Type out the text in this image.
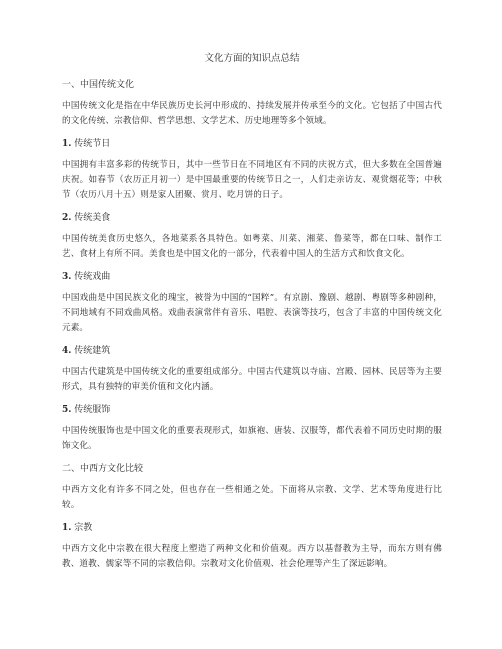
文化方面的知识点总结
一、中国传统文化
中国传统文化是指在中华民族历史长河中形成的、持续发展并传承至今的文化。它包括了中国古代的文化传统、宗教信仰、哲学思想、文学艺术、历史地理等多个领域。
1. 传统节日
中国拥有丰富多彩的传统节日，其中一些节日在不同地区有不同的庆祝方式，但大多数在全国普遍庆祝。如春节（农历正月初一）是中国最重要的传统节日之一，人们走亲访友、观赏烟花等；中秋节（农历八月十五）则是家人团聚、赏月、吃月饼的日子。
2. 传统美食
中国传统美食历史悠久，各地菜系各具特色。如粤菜、川菜、湘菜、鲁菜等，都在口味、制作工艺、食材上有所不同。美食也是中国文化的一部分，代表着中国人的生活方式和饮食文化。
3. 传统戏曲
中国戏曲是中国民族文化的瑰宝，被誉为中国的“国粹”。有京剧、豫剧、越剧、粤剧等多种剧种，不同地域有不同戏曲风格。戏曲表演常伴有音乐、唱腔、表演等技巧，包含了丰富的中国传统文化元素。
4. 传统建筑
中国古代建筑是中国传统文化的重要组成部分。中国古代建筑以寺庙、宫殿、园林、民居等为主要形式，具有独特的审美价值和文化内涵。
5. 传统服饰
中国传统服饰也是中国文化的重要表现形式，如旗袍、唐装、汉服等，都代表着不同历史时期的服饰文化。
二、中西方文化比较
中西方文化有许多不同之处，但也存在一些相通之处。下面将从宗教、文学、艺术等角度进行比较。
1. 宗教
中西方文化中宗教在很大程度上塑造了两种文化和价值观。西方以基督教为主导，而东方则有佛教、道教、儒家等不同的宗教信仰。宗教对文化价值观、社会伦理等产生了深远影响。
